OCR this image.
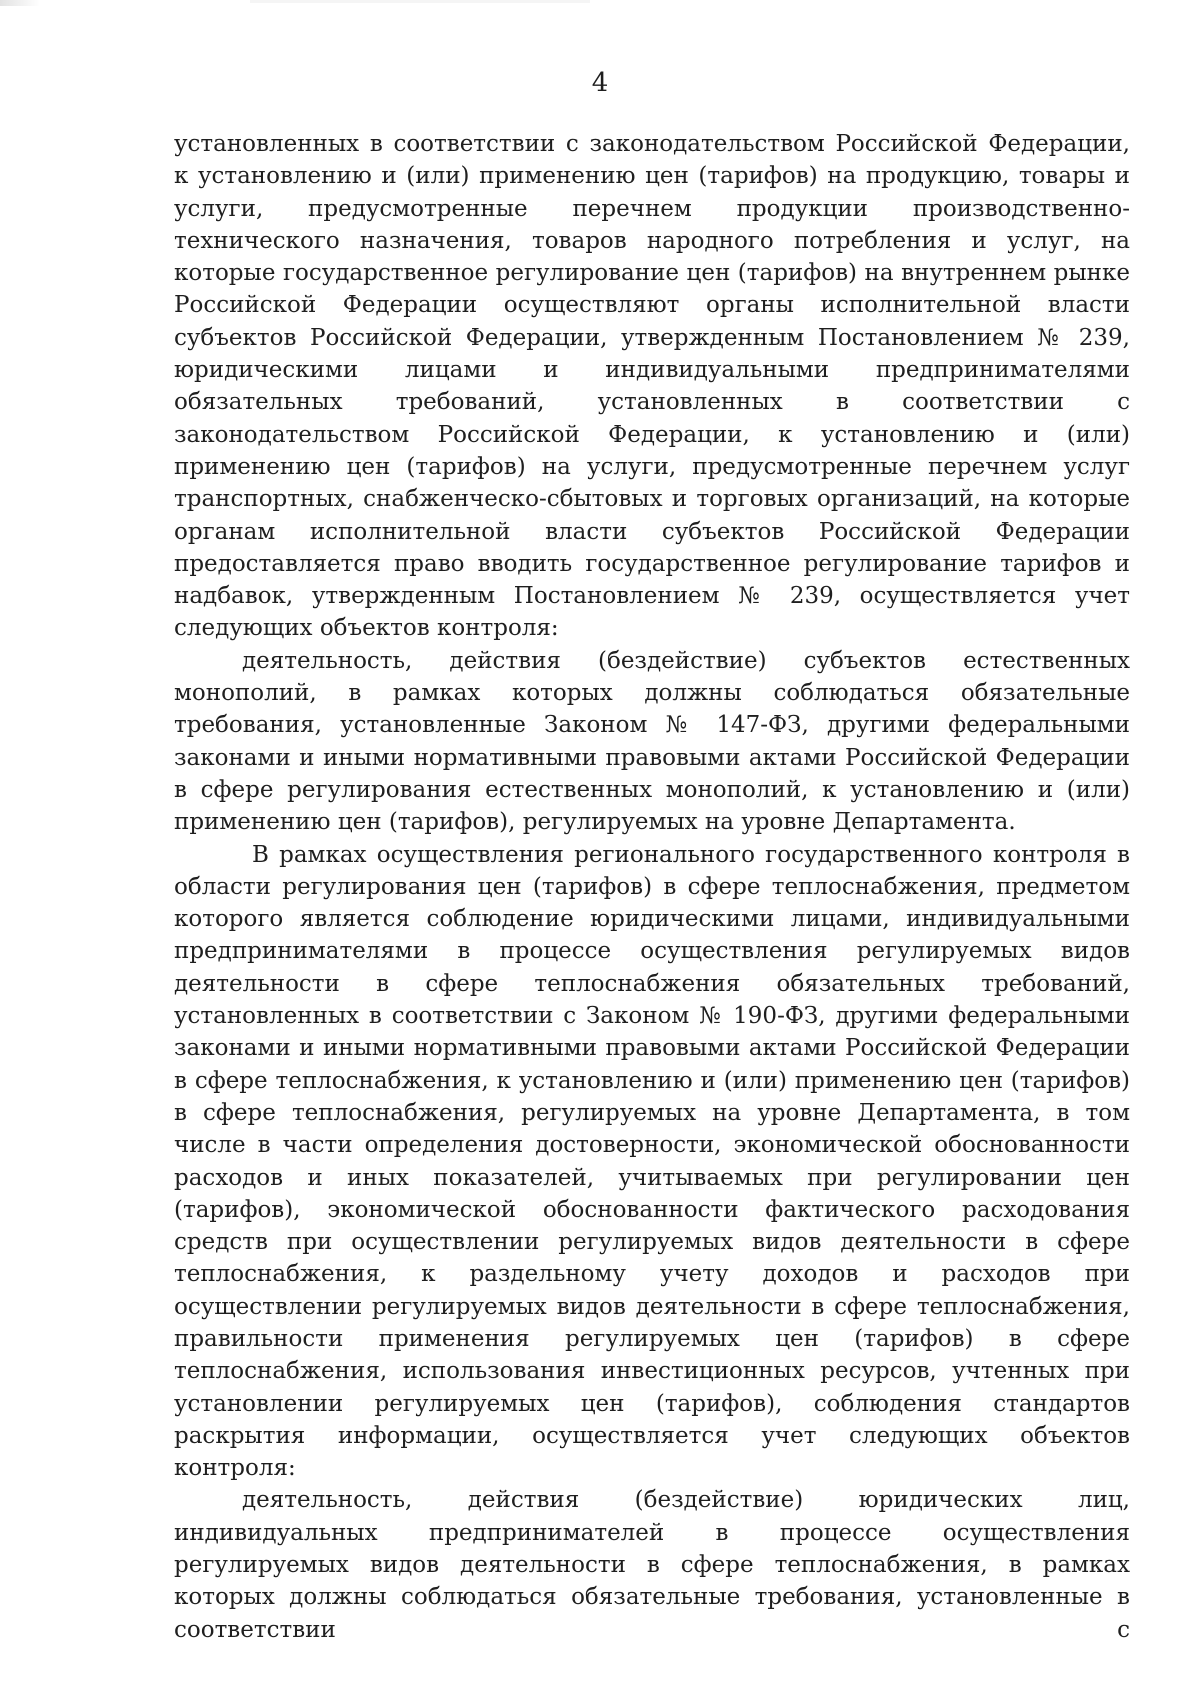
4

установленных в соответствии с законодательством Российской Федерации, к установлению и (или) применению цен (тарифов) на продукцию, товары и услуги, предусмотренные перечнем продукции производственно-технического назначения, товаров народного потребления и услуг, на которые государственное регулирование цен (тарифов) на внутреннем рынке Российской Федерации осуществляют органы исполнительной власти субъектов Российской Федерации, утвержденным Постановлением № 239, юридическими лицами и индивидуальными предпринимателями обязательных требований, установленных в соответствии с законодательством Российской Федерации, к установлению и (или) применению цен (тарифов) на услуги, предусмотренные перечнем услуг транспортных, снабженческо-сбытовых и торговых организаций, на которые органам исполнительной власти субъектов Российской Федерации предоставляется право вводить государственное регулирование тарифов и надбавок, утвержденным Постановлением № 239, осуществляется учет следующих объектов контроля:

деятельность, действия (бездействие) субъектов естественных монополий, в рамках которых должны соблюдаться обязательные требования, установленные Законом № 147-ФЗ, другими федеральными законами и иными нормативными правовыми актами Российской Федерации в сфере регулирования естественных монополий, к установлению и (или) применению цен (тарифов), регулируемых на уровне Департамента.

В рамках осуществления регионального государственного контроля в области регулирования цен (тарифов) в сфере теплоснабжения, предметом которого является соблюдение юридическими лицами, индивидуальными предпринимателями в процессе осуществления регулируемых видов деятельности в сфере теплоснабжения обязательных требований, установленных в соответствии с Законом № 190-ФЗ, другими федеральными законами и иными нормативными правовыми актами Российской Федерации в сфере теплоснабжения, к установлению и (или) применению цен (тарифов) в сфере теплоснабжения, регулируемых на уровне Департамента, в том числе в части определения достоверности, экономической обоснованности расходов и иных показателей, учитываемых при регулировании цен (тарифов), экономической обоснованности фактического расходования средств при осуществлении регулируемых видов деятельности в сфере теплоснабжения, к раздельному учету доходов и расходов при осуществлении регулируемых видов деятельности в сфере теплоснабжения, правильности применения регулируемых цен (тарифов) в сфере теплоснабжения, использования инвестиционных ресурсов, учтенных при установлении регулируемых цен (тарифов), соблюдения стандартов раскрытия информации, осуществляется учет следующих объектов контроля:

деятельность, действия (бездействие) юридических лиц, индивидуальных предпринимателей в процессе осуществления регулируемых видов деятельности в сфере теплоснабжения, в рамках которых должны соблюдаться обязательные требования, установленные в соответствии с
